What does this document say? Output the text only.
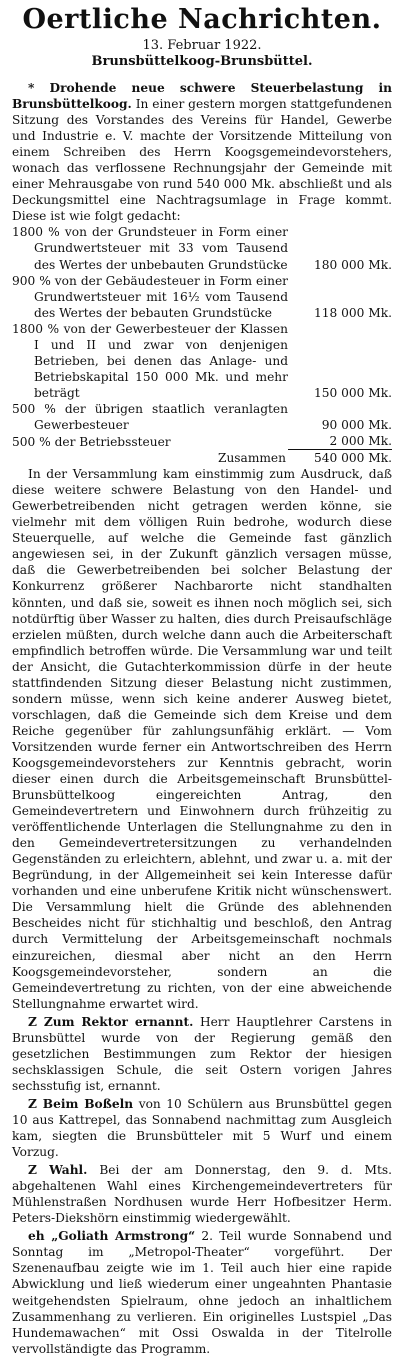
Oertliche Nachrichten.
13. Februar 1922.
Brunsbüttelkoog-Brunsbüttel.

* Drohende neue schwere Steuerbelastung in Brunsbüttelkoog. In einer gestern morgen stattgefundenen Sitzung des Vorstandes des Vereins für Handel, Gewerbe und Industrie e. V. machte der Vorsitzende Mitteilung von einem Schreiben des Herrn Koogsgemeindevorstehers, wonach das verflossene Rechnungsjahr der Gemeinde mit einer Mehrausgabe von rund 540 000 Mk. abschließt und als Deckungsmittel eine Nachtragsumlage in Frage kommt. Diese ist wie folgt gedacht:

1800 % von der Grundsteuer in Form einer Grundwertsteuer mit 33 vom Tausend des Wertes der unbebauten Grundstücke	180 000 Mk.
900 % von der Gebäudesteuer in Form einer Grundwertsteuer mit 16½ vom Tausend des Wertes der bebauten Grundstücke	118 000 Mk.
1800 % von der Gewerbesteuer der Klassen I und II und zwar von denjenigen Betrieben, bei denen das Anlage- und Betriebskapital 150 000 Mk. und mehr beträgt	150 000 Mk.
500 % der übrigen staatlich veranlagten Gewerbesteuer	90 000 Mk.
500 % der Betriebssteuer	2 000 Mk.
Zusammen	540 000 Mk.

In der Versammlung kam einstimmig zum Ausdruck, daß diese weitere schwere Belastung von den Handel- und Gewerbetreibenden nicht getragen werden könne, sie vielmehr mit dem völligen Ruin bedrohe, wodurch diese Steuerquelle, auf welche die Gemeinde fast gänzlich angewiesen sei, in der Zukunft gänzlich versagen müsse, daß die Gewerbetreibenden bei solcher Belastung der Konkurrenz größerer Nachbarorte nicht standhalten könnten, und daß sie, soweit es ihnen noch möglich sei, sich notdürftig über Wasser zu halten, dies durch Preisaufschläge erzielen müßten, durch welche dann auch die Arbeiterschaft empfindlich betroffen würde. Die Versammlung war und teilt der Ansicht, die Gutachterkommission dürfe in der heute stattfindenden Sitzung dieser Belastung nicht zustimmen, sondern müsse, wenn sich keine anderer Ausweg bietet, vorschlagen, daß die Gemeinde sich dem Kreise und dem Reiche gegenüber für zahlungsunfähig erklärt. — Vom Vorsitzenden wurde ferner ein Antwortschreiben des Herrn Koogsgemeindevorstehers zur Kenntnis gebracht, worin dieser einen durch die Arbeitsgemeinschaft Brunsbüttel-Brunsbüttelkoog eingereichten Antrag, den Gemeindevertretern und Einwohnern durch frühzeitig zu veröffentlichende Unterlagen die Stellungnahme zu den in den Gemeindevertretersitzungen zu verhandelnden Gegenständen zu erleichtern, ablehnt, und zwar u. a. mit der Begründung, in der Allgemeinheit sei kein Interesse dafür vorhanden und eine unberufene Kritik nicht wünschenswert. Die Versammlung hielt die Gründe des ablehnenden Bescheides nicht für stichhaltig und beschloß, den Antrag durch Vermittelung der Arbeitsgemeinschaft nochmals einzureichen, diesmal aber nicht an den Herrn Koogsgemeindevorsteher, sondern an die Gemeindevertretung zu richten, von der eine abweichende Stellungnahme erwartet wird.

Z Zum Rektor ernannt. Herr Hauptlehrer Carstens in Brunsbüttel wurde von der Regierung gemäß den gesetzlichen Bestimmungen zum Rektor der hiesigen sechsklassigen Schule, die seit Ostern vorigen Jahres sechsstufig ist, ernannt.

Z Beim Boßeln von 10 Schülern aus Brunsbüttel gegen 10 aus Kattrepel, das Sonnabend nachmittag zum Ausgleich kam, siegten die Brunsbütteler mit 5 Wurf und einem Vorzug.

Z Wahl. Bei der am Donnerstag, den 9. d. Mts. abgehaltenen Wahl eines Kirchengemeindevertreters für Mühlenstraßen Nordhusen wurde Herr Hofbesitzer Herm. Peters-Diekshörn einstimmig wiedergewählt.

eh „Goliath Armstrong“ 2. Teil wurde Sonnabend und Sonntag im „Metropol-Theater“ vorgeführt. Der Szenenaufbau zeigte wie im 1. Teil auch hier eine rapide Abwicklung und ließ wiederum einer ungeahnten Phantasie weitgehendsten Spielraum, ohne jedoch an inhaltlichem Zusammenhang zu verlieren. Ein originelles Lustspiel „Das Hundemawachen“ mit Ossi Oswalda in der Titelrolle vervollständigte das Programm.
